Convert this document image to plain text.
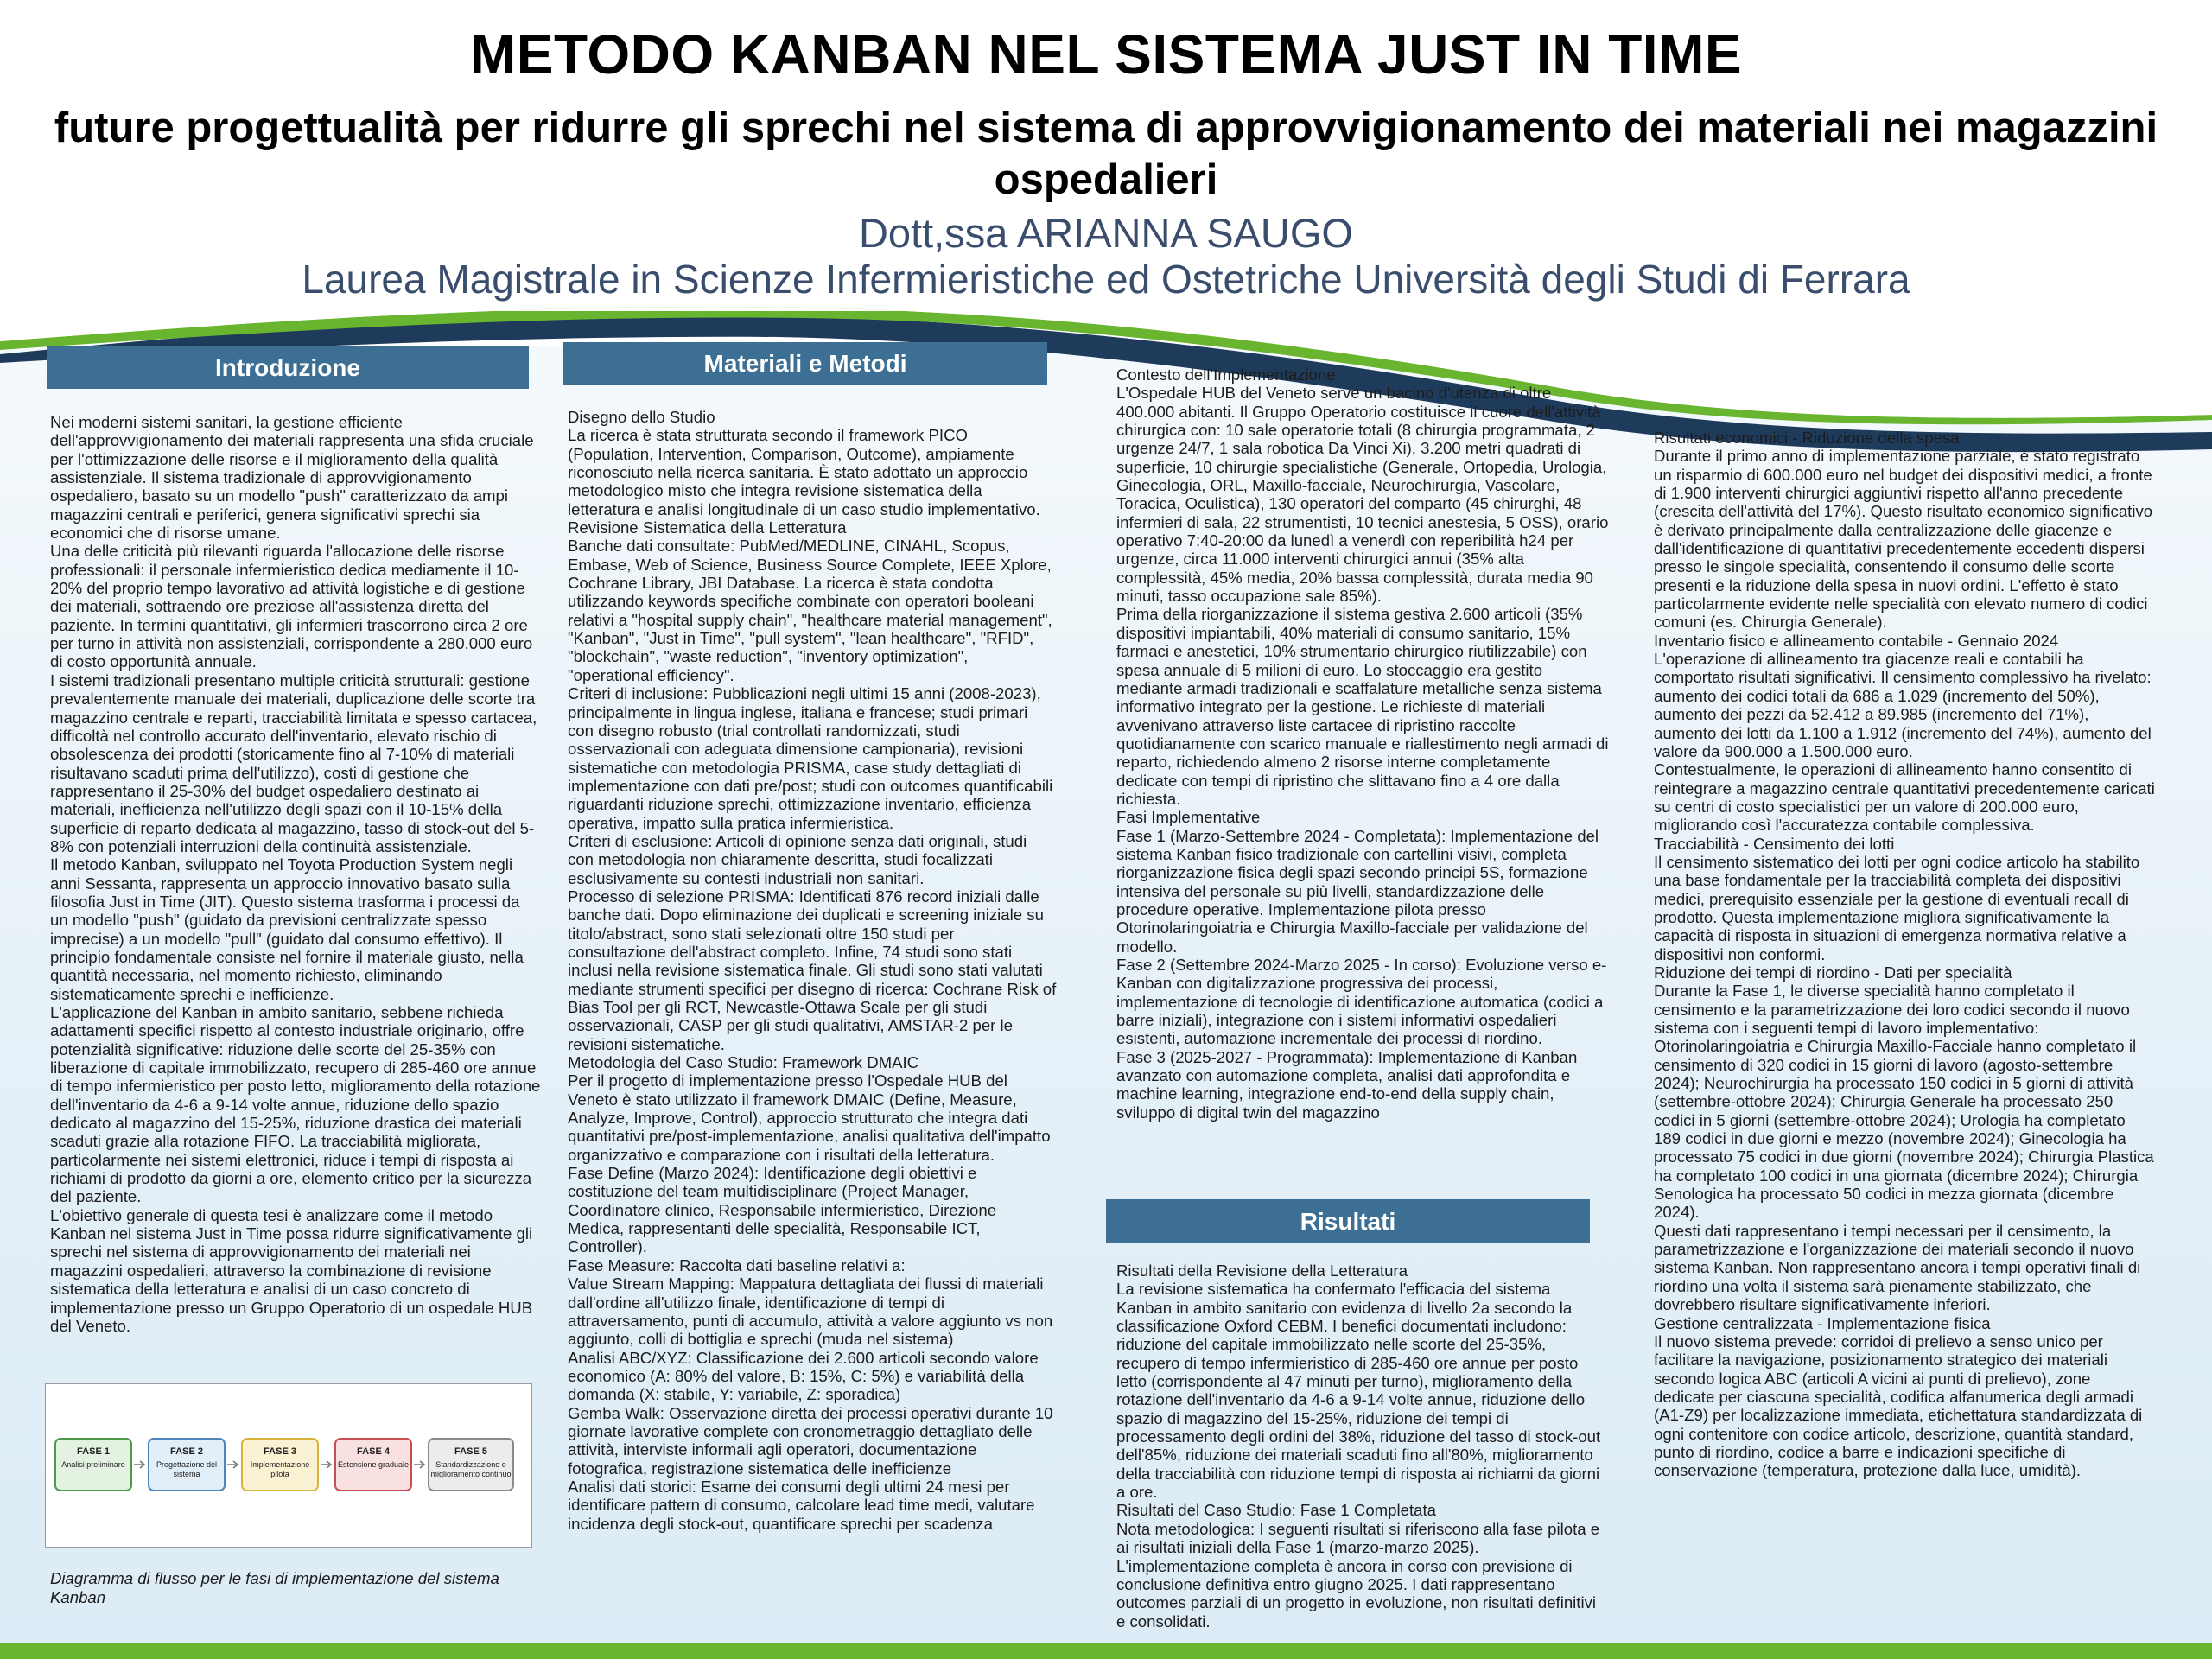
METODO KANBAN NEL SISTEMA JUST IN TIME
future progettualità per ridurre gli sprechi nel sistema di approvvigionamento dei materiali nei magazzini ospedalieri
Dott,ssa ARIANNA SAUGO
Laurea Magistrale in Scienze Infermieristiche ed Ostetriche Università degli Studi di Ferrara
Introduzione	Materiali e Metodi
Risultati

Nei moderni sistemi sanitari, la gestione efficiente dell'approvvigionamento dei materiali rappresenta una sfida cruciale per l'ottimizzazione delle risorse e il miglioramento della qualità assistenziale. Il sistema tradizionale di approvvigionamento ospedaliero, basato su un modello "push" caratterizzato da ampi magazzini centrali e periferici, genera significativi sprechi sia economici che di risorse umane.

Una delle criticità più rilevanti riguarda l'allocazione delle risorse professionali: il personale infermieristico dedica mediamente il 10-20% del proprio tempo lavorativo ad attività logistiche e di gestione dei materiali, sottraendo ore preziose all'assistenza diretta del paziente. In termini quantitativi, gli infermieri trascorrono circa 2 ore per turno in attività non assistenziali, corrispondente a 280.000 euro di costo opportunità annuale.

I sistemi tradizionali presentano multiple criticità strutturali: gestione prevalentemente manuale dei materiali, duplicazione delle scorte tra magazzino centrale e reparti, tracciabilità limitata e spesso cartacea, difficoltà nel controllo accurato dell'inventario, elevato rischio di obsolescenza dei prodotti (storicamente fino al 7-10% di materiali risultavano scaduti prima dell'utilizzo), costi di gestione che rappresentano il 25-30% del budget ospedaliero destinato ai materiali, inefficienza nell'utilizzo degli spazi con il 10-15% della superficie di reparto dedicata al magazzino, tasso di stock-out del 5-8% con potenziali interruzioni della continuità assistenziale.

Il metodo Kanban, sviluppato nel Toyota Production System negli anni Sessanta, rappresenta un approccio innovativo basato sulla filosofia Just in Time (JIT). Questo sistema trasforma i processi da un modello "push" (guidato da previsioni centralizzate spesso imprecise) a un modello "pull" (guidato dal consumo effettivo). Il principio fondamentale consiste nel fornire il materiale giusto, nella quantità necessaria, nel momento richiesto, eliminando sistematicamente sprechi e inefficienze.

L'applicazione del Kanban in ambito sanitario, sebbene richieda adattamenti specifici rispetto al contesto industriale originario, offre potenzialità significative: riduzione delle scorte del 25-35% con liberazione di capitale immobilizzato, recupero di 285-460 ore annue di tempo infermieristico per posto letto, miglioramento della rotazione dell'inventario da 4-6 a 9-14 volte annue, riduzione dello spazio dedicato al magazzino del 15-25%, riduzione drastica dei materiali scaduti grazie alla rotazione FIFO. La tracciabilità migliorata, particolarmente nei sistemi elettronici, riduce i tempi di risposta ai richiami di prodotto da giorni a ore, elemento critico per la sicurezza del paziente.

L'obiettivo generale di questa tesi è analizzare come il metodo Kanban nel sistema Just in Time possa ridurre significativamente gli sprechi nel sistema di approvvigionamento dei materiali nei magazzini ospedalieri, attraverso la combinazione di revisione sistematica della letteratura e analisi di un caso concreto di implementazione presso un Gruppo Operatorio di un ospedale HUB del Veneto.

FASE 1
Analisi preliminare
FASE 2
Progettazione del sistema
FASE 3
Implementazione pilota
FASE 4
Estensione graduale
FASE 5
Standardizzazione e miglioramento continuo
Diagramma di flusso per le fasi di implementazione del sistema Kanban

Disegno dello Studio

La ricerca è stata strutturata secondo il framework PICO (Population, Intervention, Comparison, Outcome), ampiamente riconosciuto nella ricerca sanitaria. È stato adottato un approccio metodologico misto che integra revisione sistematica della letteratura e analisi longitudinale di un caso studio implementativo.

Revisione Sistematica della Letteratura

Banche dati consultate: PubMed/MEDLINE, CINAHL, Scopus, Embase, Web of Science, Business Source Complete, IEEE Xplore, Cochrane Library, JBI Database. La ricerca è stata condotta utilizzando keywords specifiche combinate con operatori booleani relativi a "hospital supply chain", "healthcare material management", "Kanban", "Just in Time", "pull system", "lean healthcare", "RFID", "blockchain", "waste reduction", "inventory optimization", "operational efficiency".

Criteri di inclusione: Pubblicazioni negli ultimi 15 anni (2008-2023), principalmente in lingua inglese, italiana e francese; studi primari con disegno robusto (trial controllati randomizzati, studi osservazionali con adeguata dimensione campionaria), revisioni sistematiche con metodologia PRISMA, case study dettagliati di implementazione con dati pre/post; studi con outcomes quantificabili riguardanti riduzione sprechi, ottimizzazione inventario, efficienza operativa, impatto sulla pratica infermieristica.

Criteri di esclusione: Articoli di opinione senza dati originali, studi con metodologia non chiaramente descritta, studi focalizzati esclusivamente su contesti industriali non sanitari.

Processo di selezione PRISMA: Identificati 876 record iniziali dalle banche dati. Dopo eliminazione dei duplicati e screening iniziale su titolo/abstract, sono stati selezionati oltre 150 studi per consultazione dell'abstract completo. Infine, 74 studi sono stati inclusi nella revisione sistematica finale. Gli studi sono stati valutati mediante strumenti specifici per disegno di ricerca: Cochrane Risk of Bias Tool per gli RCT, Newcastle-Ottawa Scale per gli studi osservazionali, CASP per gli studi qualitativi, AMSTAR-2 per le revisioni sistematiche.

Metodologia del Caso Studio: Framework DMAIC

Per il progetto di implementazione presso l'Ospedale HUB del Veneto è stato utilizzato il framework DMAIC (Define, Measure, Analyze, Improve, Control), approccio strutturato che integra dati quantitativi pre/post-implementazione, analisi qualitativa dell'impatto organizzativo e comparazione con i risultati della letteratura.

Fase Define (Marzo 2024): Identificazione degli obiettivi e costituzione del team multidisciplinare (Project Manager, Coordinatore clinico, Responsabile infermieristico, Direzione Medica, rappresentanti delle specialità, Responsabile ICT, Controller).

Fase Measure: Raccolta dati baseline relativi a:

Value Stream Mapping: Mappatura dettagliata dei flussi di materiali dall'ordine all'utilizzo finale, identificazione di tempi di attraversamento, punti di accumulo, attività a valore aggiunto vs non aggiunto, colli di bottiglia e sprechi (muda nel sistema)

Analisi ABC/XYZ: Classificazione dei 2.600 articoli secondo valore economico (A: 80% del valore, B: 15%, C: 5%) e variabilità della domanda (X: stabile, Y: variabile, Z: sporadica)

Gemba Walk: Osservazione diretta dei processi operativi durante 10 giornate lavorative complete con cronometraggio dettagliato delle attività, interviste informali agli operatori, documentazione fotografica, registrazione sistematica delle inefficienze

Analisi dati storici: Esame dei consumi degli ultimi 24 mesi per identificare pattern di consumo, calcolare lead time medi, valutare incidenza degli stock-out, quantificare sprechi per scadenza

Contesto dell'Implementazione

L'Ospedale HUB del Veneto serve un bacino d'utenza di oltre 400.000 abitanti. Il Gruppo Operatorio costituisce il cuore dell'attività chirurgica con: 10 sale operatorie totali (8 chirurgia programmata, 2 urgenze 24/7, 1 sala robotica Da Vinci Xi), 3.200 metri quadrati di superficie, 10 chirurgie specialistiche (Generale, Ortopedia, Urologia, Ginecologia, ORL, Maxillo-facciale, Neurochirurgia, Vascolare, Toracica, Oculistica), 130 operatori del comparto (45 chirurghi, 48 infermieri di sala, 22 strumentisti, 10 tecnici anestesia, 5 OSS), orario operativo 7:40-20:00 da lunedì a venerdì con reperibilità h24 per urgenze, circa 11.000 interventi chirurgici annui (35% alta complessità, 45% media, 20% bassa complessità, durata media 90 minuti, tasso occupazione sale 85%).

Prima della riorganizzazione il sistema gestiva 2.600 articoli (35% dispositivi impiantabili, 40% materiali di consumo sanitario, 15% farmaci e anestetici, 10% strumentario chirurgico riutilizzabile) con spesa annuale di 5 milioni di euro. Lo stoccaggio era gestito mediante armadi tradizionali e scaffalature metalliche senza sistema informativo integrato per la gestione. Le richieste di materiali avvenivano attraverso liste cartacee di ripristino raccolte quotidianamente con scarico manuale e riallestimento negli armadi di reparto, richiedendo almeno 2 risorse interne completamente dedicate con tempi di ripristino che slittavano fino a 4 ore dalla richiesta.

Fasi Implementative

Fase 1 (Marzo-Settembre 2024 - Completata): Implementazione del sistema Kanban fisico tradizionale con cartellini visivi, completa riorganizzazione fisica degli spazi secondo principi 5S, formazione intensiva del personale su più livelli, standardizzazione delle procedure operative. Implementazione pilota presso Otorinolaringoiatria e Chirurgia Maxillo-facciale per validazione del modello.

Fase 2 (Settembre 2024-Marzo 2025 - In corso): Evoluzione verso e-Kanban con digitalizzazione progressiva dei processi, implementazione di tecnologie di identificazione automatica (codici a barre iniziali), integrazione con i sistemi informativi ospedalieri esistenti, automazione incrementale dei processi di riordino.

Fase 3 (2025-2027 - Programmata): Implementazione di Kanban avanzato con automazione completa, analisi dati approfondita e machine learning, integrazione end-to-end della supply chain, sviluppo di digital twin del magazzino

Risultati della Revisione della Letteratura

La revisione sistematica ha confermato l'efficacia del sistema Kanban in ambito sanitario con evidenza di livello 2a secondo la classificazione Oxford CEBM. I benefici documentati includono: riduzione del capitale immobilizzato nelle scorte del 25-35%, recupero di tempo infermieristico di 285-460 ore annue per posto letto (corrispondente al 47 minuti per turno), miglioramento della rotazione dell'inventario da 4-6 a 9-14 volte annue, riduzione dello spazio di magazzino del 15-25%, riduzione dei tempi di processamento degli ordini del 38%, riduzione del tasso di stock-out dell'85%, riduzione dei materiali scaduti fino all'80%, miglioramento della tracciabilità con riduzione tempi di risposta ai richiami da giorni a ore.

Risultati del Caso Studio: Fase 1 Completata

Nota metodologica: I seguenti risultati si riferiscono alla fase pilota e ai risultati iniziali della Fase 1 (marzo-marzo 2025). L'implementazione completa è ancora in corso con previsione di conclusione definitiva entro giugno 2025. I dati rappresentano outcomes parziali di un progetto in evoluzione, non risultati definitivi e consolidati.

Risultati economici - Riduzione della spesa

Durante il primo anno di implementazione parziale, è stato registrato un risparmio di 600.000 euro nel budget dei dispositivi medici, a fronte di 1.900 interventi chirurgici aggiuntivi rispetto all'anno precedente (crescita dell'attività del 17%). Questo risultato economico significativo è derivato principalmente dalla centralizzazione delle giacenze e dall'identificazione di quantitativi precedentemente eccedenti dispersi presso le singole specialità, consentendo il consumo delle scorte presenti e la riduzione della spesa in nuovi ordini. L'effetto è stato particolarmente evidente nelle specialità con elevato numero di codici comuni (es. Chirurgia Generale).

Inventario fisico e allineamento contabile - Gennaio 2024

L'operazione di allineamento tra giacenze reali e contabili ha comportato risultati significativi. Il censimento complessivo ha rivelato: aumento dei codici totali da 686 a 1.029 (incremento del 50%), aumento dei pezzi da 52.412 a 89.985 (incremento del 71%), aumento dei lotti da 1.100 a 1.912 (incremento del 74%), aumento del valore da 900.000 a 1.500.000 euro.

Contestualmente, le operazioni di allineamento hanno consentito di reintegrare a magazzino centrale quantitativi precedentemente caricati su centri di costo specialistici per un valore di 200.000 euro, migliorando così l'accuratezza contabile complessiva.

Tracciabilità - Censimento dei lotti

Il censimento sistematico dei lotti per ogni codice articolo ha stabilito una base fondamentale per la tracciabilità completa dei dispositivi medici, prerequisito essenziale per la gestione di eventuali recall di prodotto. Questa implementazione migliora significativamente la capacità di risposta in situazioni di emergenza normativa relative a dispositivi non conformi.

Riduzione dei tempi di riordino - Dati per specialità

Durante la Fase 1, le diverse specialità hanno completato il censimento e la parametrizzazione dei loro codici secondo il nuovo sistema con i seguenti tempi di lavoro implementativo: Otorinolaringoiatria e Chirurgia Maxillo-Facciale hanno completato il censimento di 320 codici in 15 giorni di lavoro (agosto-settembre 2024); Neurochirurgia ha processato 150 codici in 5 giorni di attività (settembre-ottobre 2024); Chirurgia Generale ha processato 250 codici in 5 giorni (settembre-ottobre 2024); Urologia ha completato 189 codici in due giorni e mezzo (novembre 2024); Ginecologia ha processato 75 codici in due giorni (novembre 2024); Chirurgia Plastica ha completato 100 codici in una giornata (dicembre 2024); Chirurgia Senologica ha processato 50 codici in mezza giornata (dicembre 2024).

Questi dati rappresentano i tempi necessari per il censimento, la parametrizzazione e l'organizzazione dei materiali secondo il nuovo sistema Kanban. Non rappresentano ancora i tempi operativi finali di riordino una volta il sistema sarà pienamente stabilizzato, che dovrebbero risultare significativamente inferiori.

Gestione centralizzata - Implementazione fisica

Il nuovo sistema prevede: corridoi di prelievo a senso unico per facilitare la navigazione, posizionamento strategico dei materiali secondo logica ABC (articoli A vicini ai punti di prelievo), zone dedicate per ciascuna specialità, codifica alfanumerica degli armadi (A1-Z9) per localizzazione immediata, etichettatura standardizzata di ogni contenitore con codice articolo, descrizione, quantità standard, punto di riordino, codice a barre e indicazioni specifiche di conservazione (temperatura, protezione dalla luce, umidità).
